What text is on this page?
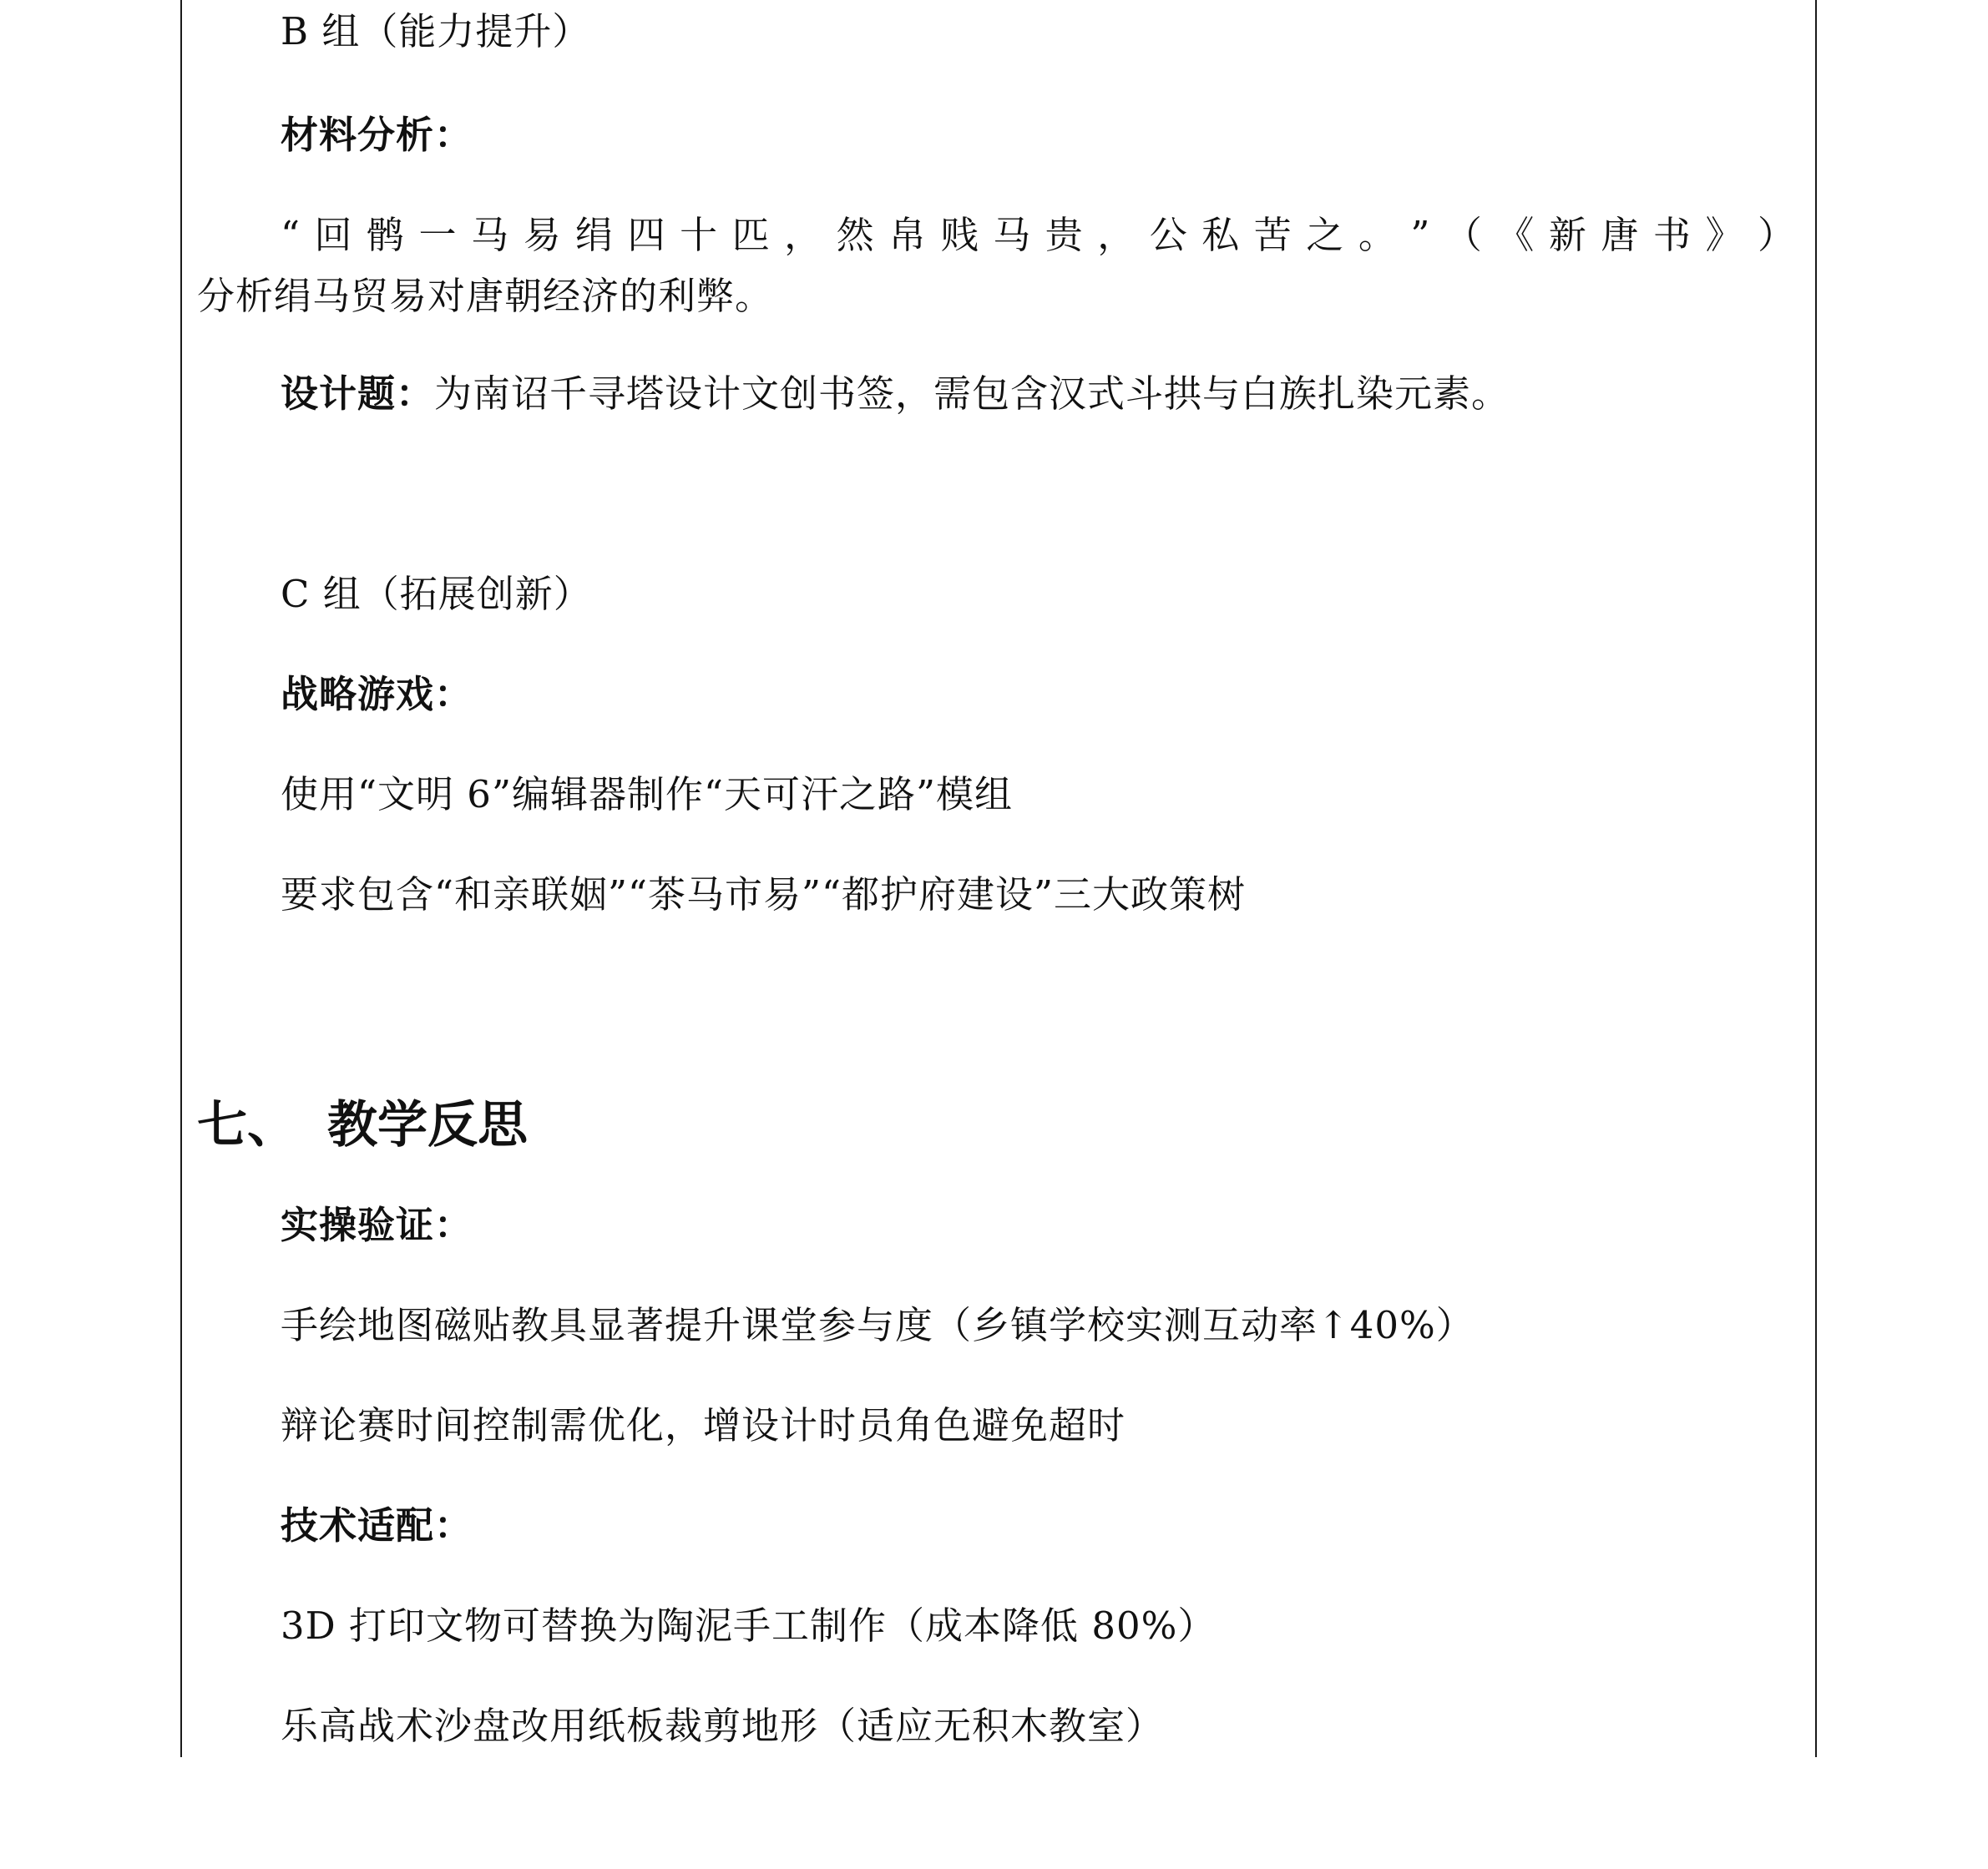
B 组（能力提升）
材料分析：
“ 回 鹘 一 马 易 绢 四 十 匹 ， 然 帛 贱 马 贵 ， 公 私 苦 之 。 ” （ 《 新 唐 书 》 ）
分析绢马贸易对唐朝经济的利弊。
设计题：为南诏千寻塔设计文创书签，需包含汉式斗拱与白族扎染元素。
C 组（拓展创新）
战略游戏：
使用“文明 6”编辑器制作“天可汗之路”模组
要求包含“和亲联姻”“茶马市易”“都护府建设”三大政策树
七、 教学反思
实操验证：
手绘地图磁贴教具显著提升课堂参与度（乡镇学校实测互动率↑40%）
辩论赛时间控制需优化，增设计时员角色避免超时
技术适配：
3D 打印文物可替换为陶泥手工制作（成本降低 80%）
乐高战术沙盘改用纸板裁剪地形（适应无积木教室）
